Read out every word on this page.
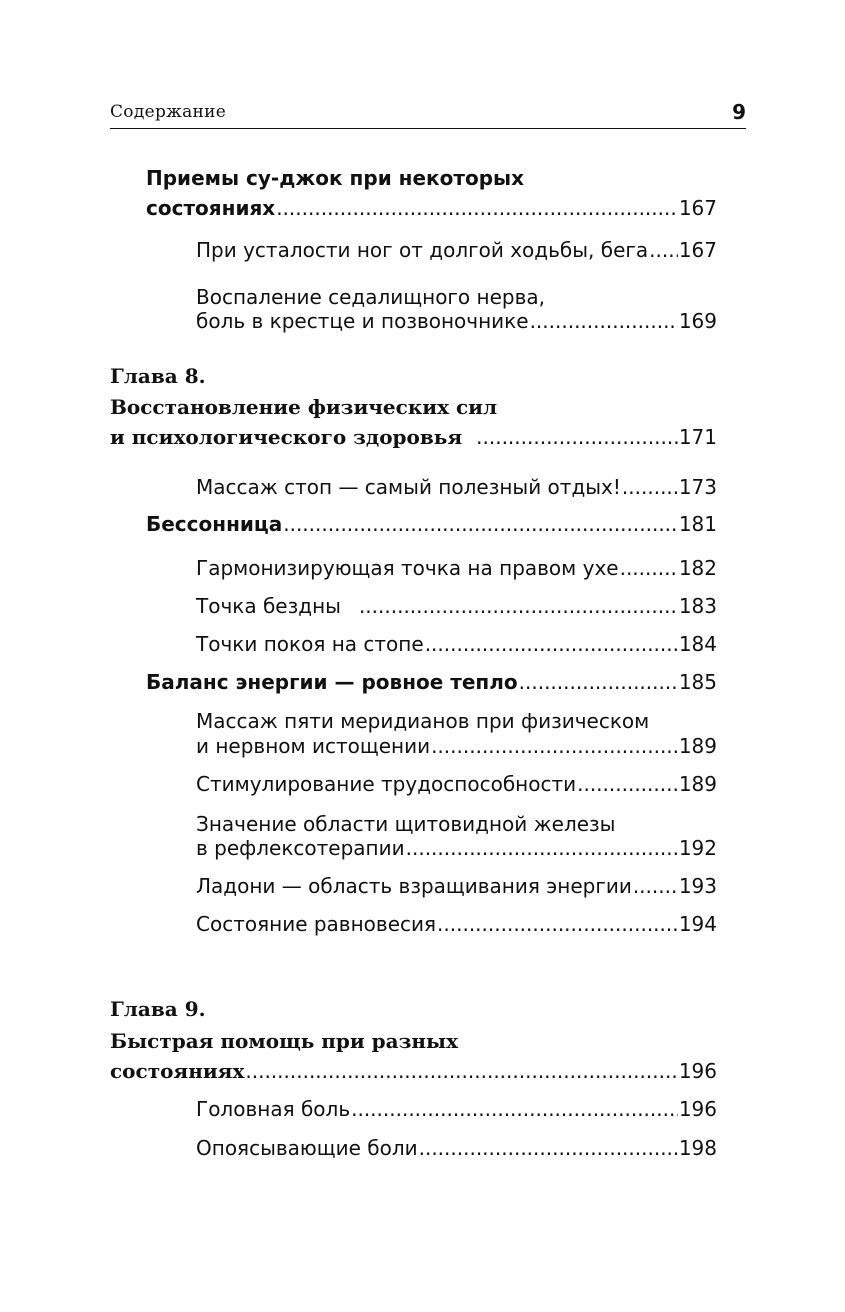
Содержание	9
Приемы су-джок при некоторых
состояниях .....	167
При усталости ног от долгой ходьбы, бега ..... 167
Воспаление седалищного нерва,
боль в крестце и позвоночнике .....	169
Глава 8.
Восстановление физических сил
и психологического здоровья .....	171
Массаж стоп — самый полезный отдых! .....	173
Бессонница .....	181
Гармонизирующая точка на правом ухе .....	182
Точка бездны .....	183
Точки покоя на стопе .....	184
Баланс энергии — ровное тепло .....	185
Массаж пяти меридианов при физическом
и нервном истощении .....	189
Стимулирование трудоспособности .....	189
Значение области щитовидной железы
в рефлексотерапии .....	192
Ладони — область взращивания энергии ..... 193
Состояние равновесия .....	194
Глава 9.
Быстрая помощь при разных
состояниях .....	196
Головная боль .....	196
Опоясывающие боли .....	198
